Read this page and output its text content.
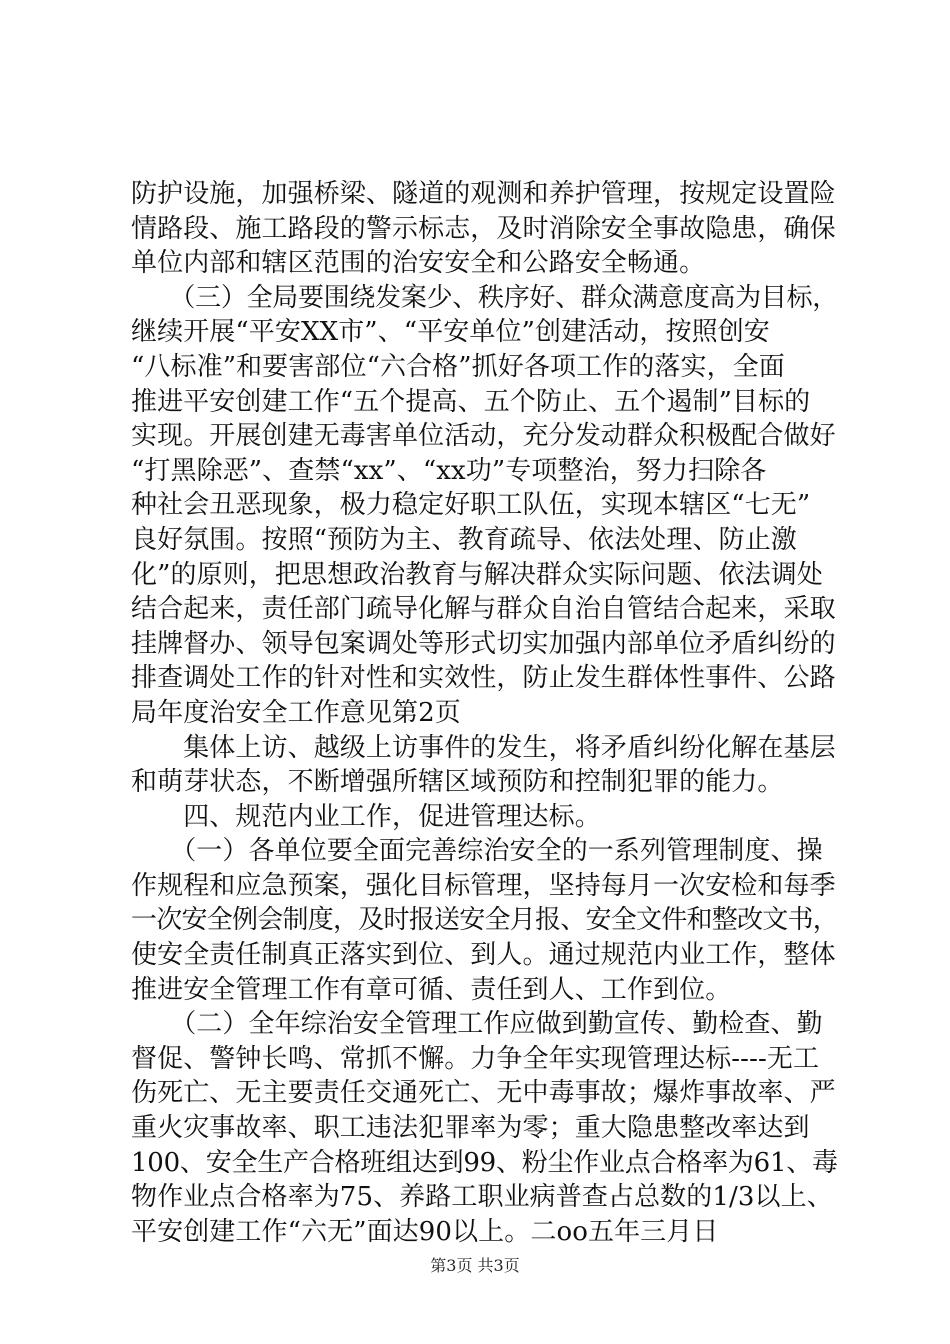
防护设施，加强桥梁、隧道的观测和养护管理，按规定设置险
情路段、施工路段的警示标志，及时消除安全事故隐患，确保
单位内部和辖区范围的治安安全和公路安全畅通。
　　（三）全局要围绕发案少、秩序好、群众满意度高为目标，
继续开展“平安XX市”、“平安单位”创建活动，按照创安
“八标准”和要害部位“六合格”抓好各项工作的落实，全面
推进平安创建工作“五个提高、五个防止、五个遏制”目标的
实现。开展创建无毒害单位活动，充分发动群众积极配合做好
“打黑除恶”、查禁“xx”、“xx功”专项整治，努力扫除各
种社会丑恶现象，极力稳定好职工队伍，实现本辖区“七无”
良好氛围。按照“预防为主、教育疏导、依法处理、防止激
化”的原则，把思想政治教育与解决群众实际问题、依法调处
结合起来，责任部门疏导化解与群众自治自管结合起来，采取
挂牌督办、领导包案调处等形式切实加强内部单位矛盾纠纷的
排查调处工作的针对性和实效性，防止发生群体性事件、公路
局年度治安全工作意见第2页
　　集体上访、越级上访事件的发生，将矛盾纠纷化解在基层
和萌芽状态，不断增强所辖区域预防和控制犯罪的能力。
　　四、规范内业工作，促进管理达标。
　　（一）各单位要全面完善综治安全的一系列管理制度、操
作规程和应急预案，强化目标管理，坚持每月一次安检和每季
一次安全例会制度，及时报送安全月报、安全文件和整改文书，
使安全责任制真正落实到位、到人。通过规范内业工作，整体
推进安全管理工作有章可循、责任到人、工作到位。
　　（二）全年综治安全管理工作应做到勤宣传、勤检查、勤
督促、警钟长鸣、常抓不懈。力争全年实现管理达标----无工
伤死亡、无主要责任交通死亡、无中毒事故；爆炸事故率、严
重火灾事故率、职工违法犯罪率为零；重大隐患整改率达到
100、安全生产合格班组达到99、粉尘作业点合格率为61、毒
物作业点合格率为75、养路工职业病普查占总数的1/3以上、
平安创建工作“六无”面达90以上。二oo五年三月日
第3页 共3页
